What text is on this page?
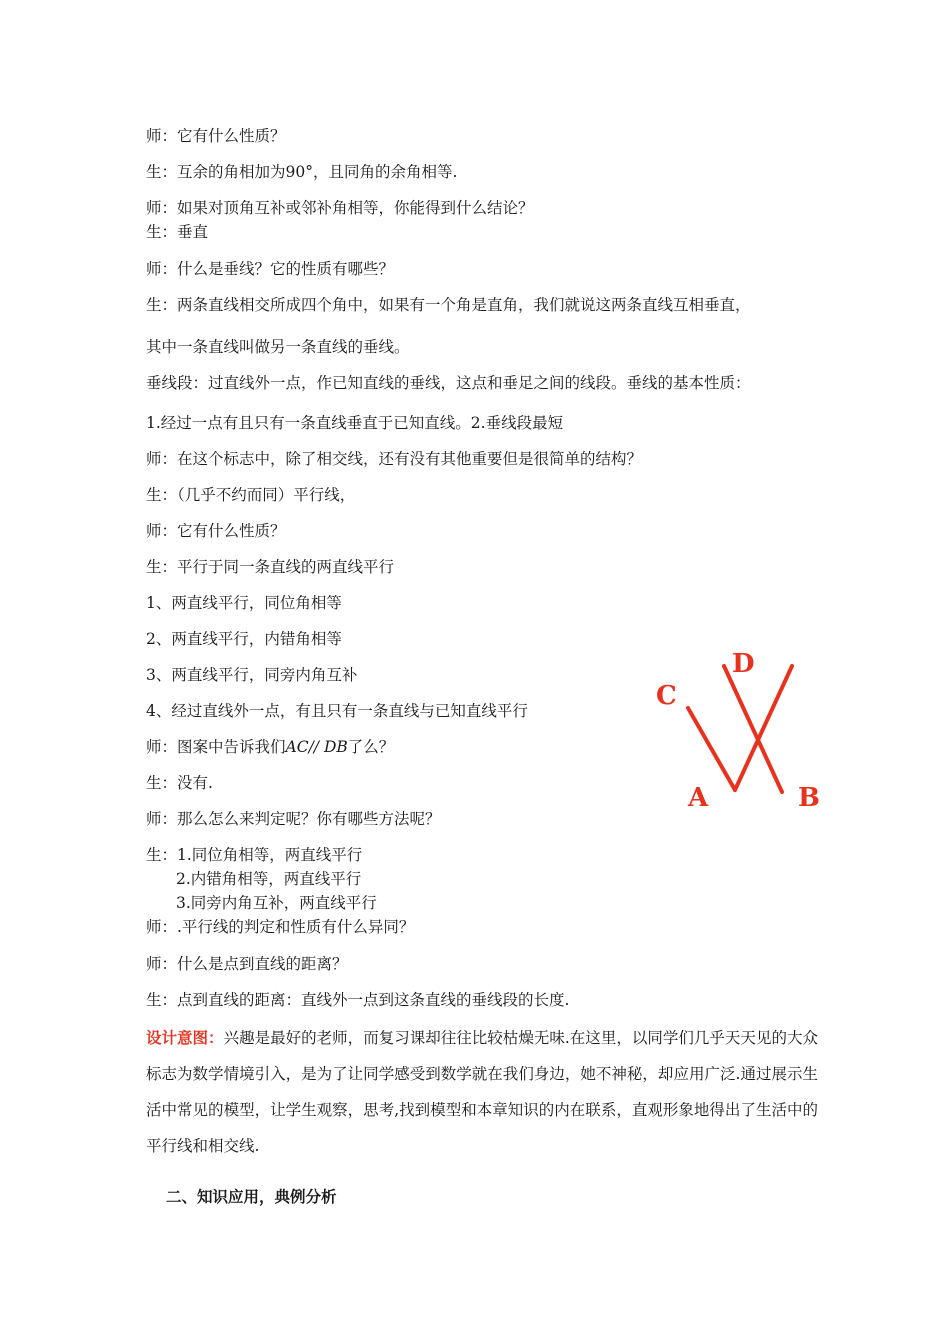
师：它有什么性质？
生：互余的角相加为90°，且同角的余角相等.
师：如果对顶角互补或邻补角相等，你能得到什么结论？
生：垂直
师：什么是垂线？它的性质有哪些？
生：两条直线相交所成四个角中，如果有一个角是直角，我们就说这两条直线互相垂直，
其中一条直线叫做另一条直线的垂线。
垂线段：过直线外一点，作已知直线的垂线，这点和垂足之间的线段。垂线的基本性质：
1.经过一点有且只有一条直线垂直于已知直线。2.垂线段最短
师：在这个标志中，除了相交线，还有没有其他重要但是很简单的结构？
生：（几乎不约而同）平行线，
师：它有什么性质？
生：平行于同一条直线的两直线平行
1、两直线平行，同位角相等
2、两直线平行，内错角相等
3、两直线平行，同旁内角互补
4、经过直线外一点，有且只有一条直线与已知直线平行
师：图案中告诉我们AC// DB了么？
生：没有.
师：那么怎么来判定呢？你有哪些方法呢？
生：1.同位角相等，两直线平行
2.内错角相等，两直线平行
3.同旁内角互补，两直线平行
师：.平行线的判定和性质有什么异同？
师：什么是点到直线的距离？
生：点到直线的距离：直线外一点到这条直线的垂线段的长度.
设计意图：兴趣是最好的老师，而复习课却往往比较枯燥无味.在这里，以同学们几乎天天见的大众标志为数学情境引入，是为了让同学感受到数学就在我们身边，她不神秘，却应用广泛.通过展示生活中常见的模型，让学生观察，思考,找到模型和本章知识的内在联系，直观形象地得出了生活中的平行线和相交线.
二、知识应用，典例分析
C
D
A	B
